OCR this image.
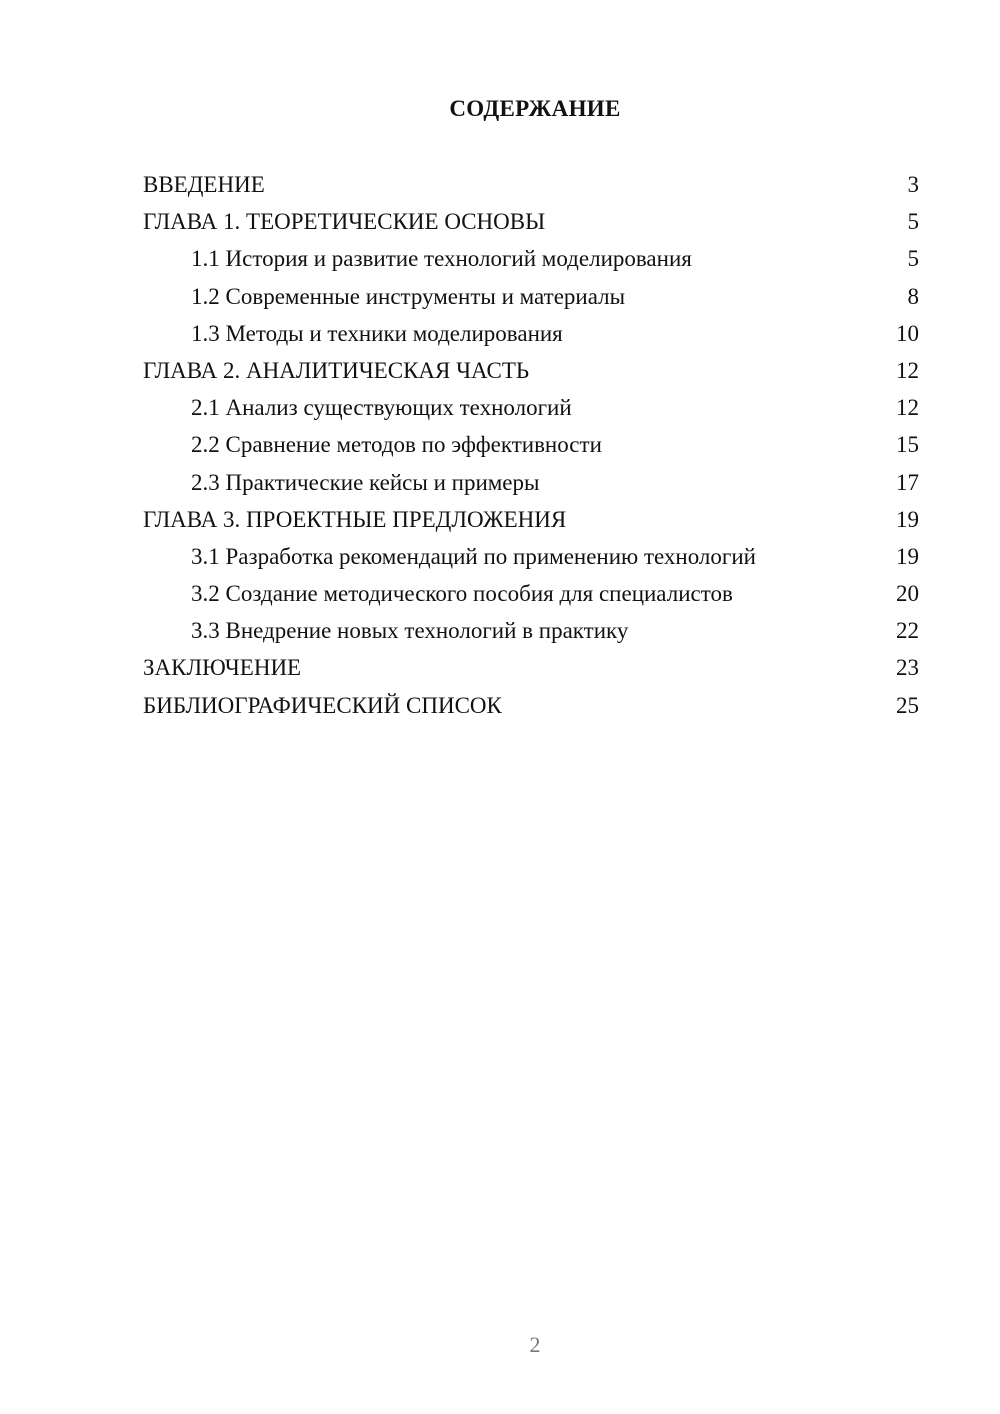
СОДЕРЖАНИЕ
ВВЕДЕНИЕ	3
ГЛАВА 1. ТЕОРЕТИЧЕСКИЕ ОСНОВЫ	5
1.1 История и развитие технологий моделирования	5
1.2 Современные инструменты и материалы	8
1.3 Методы и техники моделирования	10
ГЛАВА 2. АНАЛИТИЧЕСКАЯ ЧАСТЬ	12
2.1 Анализ существующих технологий	12
2.2 Сравнение методов по эффективности	15
2.3 Практические кейсы и примеры	17
ГЛАВА 3. ПРОЕКТНЫЕ ПРЕДЛОЖЕНИЯ	19
3.1 Разработка рекомендаций по применению технологий	19
3.2 Создание методического пособия для специалистов	20
3.3 Внедрение новых технологий в практику	22
ЗАКЛЮЧЕНИЕ	23
БИБЛИОГРАФИЧЕСКИЙ СПИСОК	25
2
